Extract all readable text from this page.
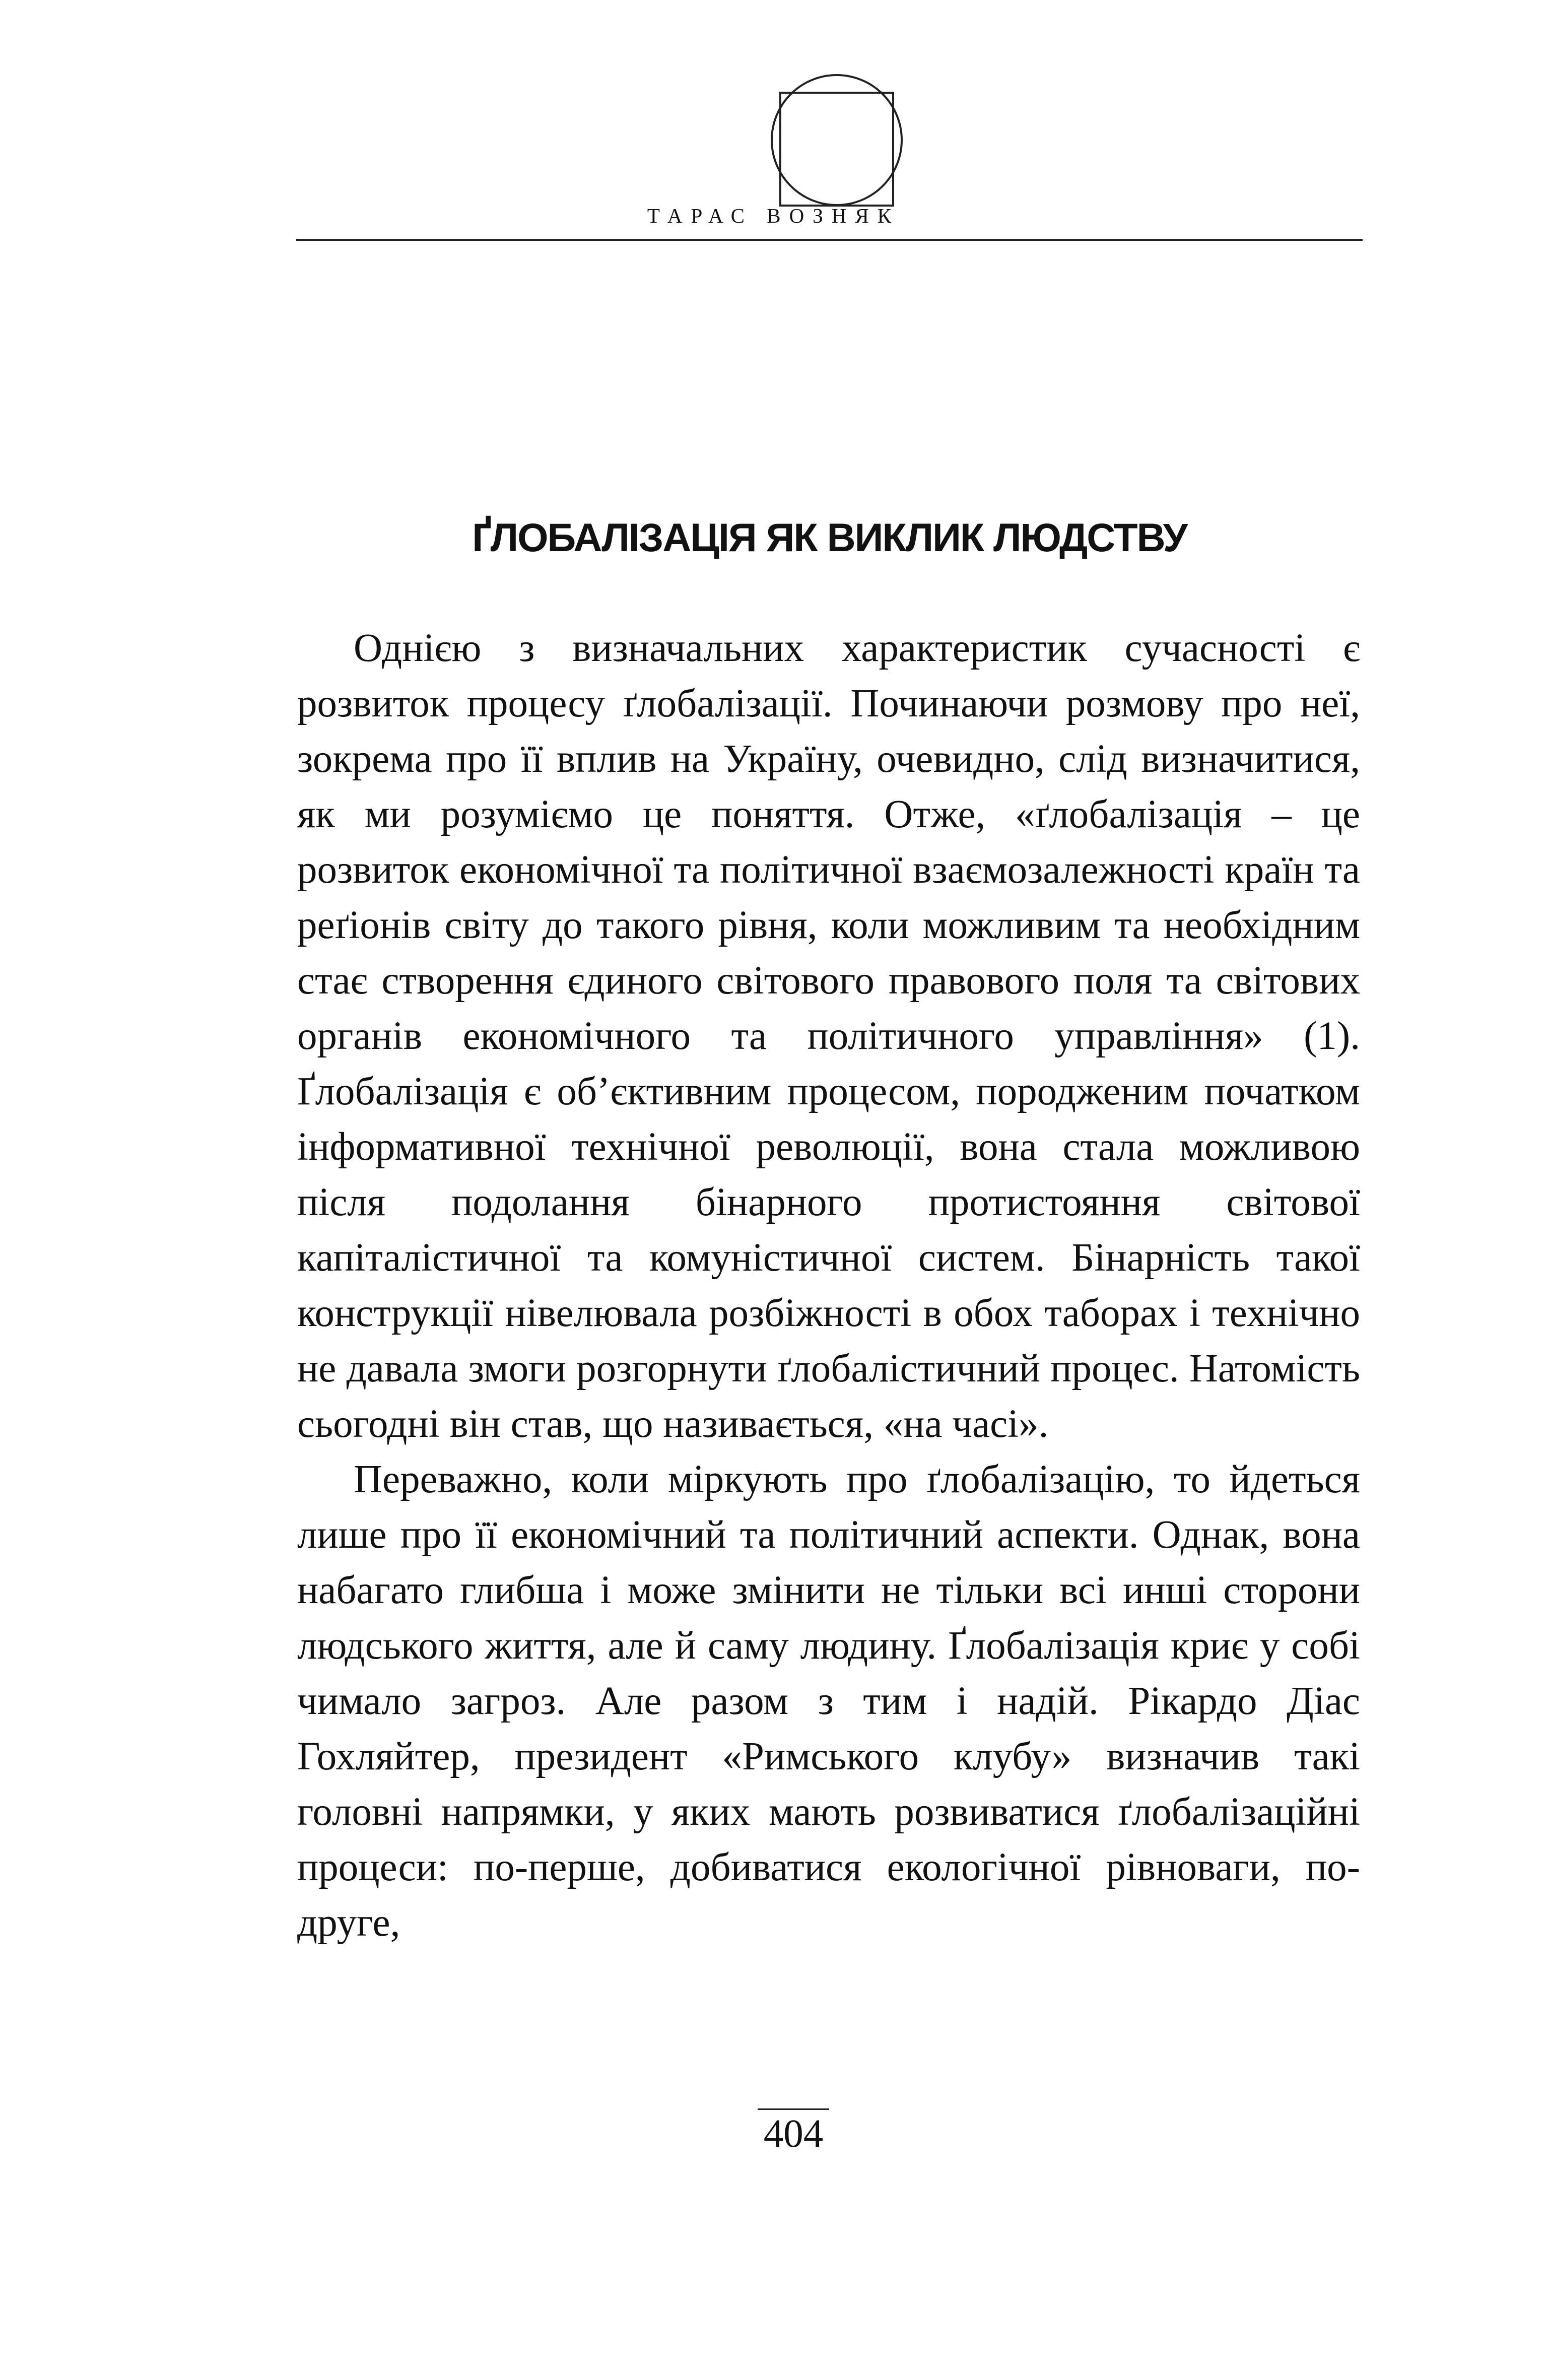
ТАРАС ВОЗНЯК
ҐЛОБАЛІЗАЦІЯ ЯК ВИКЛИК ЛЮДСТВУ

Однією з визначальних характеристик сучасності є розвиток процесу ґлобалізації. Починаючи розмову про неї, зокрема про її вплив на Україну, очевидно, слід визначитися, як ми розуміємо це поняття. Отже, «ґлобалізація – це розвиток економічної та політичної взаємозалежності країн та реґіонів світу до такого рівня, коли можливим та необхідним стає створення єдиного світового правового поля та світових органів економічного та політичного управління» (1). Ґлобалізація є об’єктивним процесом, породженим початком інформативної технічної революції, вона стала можливою після подолання бінарного протистояння світової капіталістичної та комуністичної систем. Бінарність такої конструкції нівелювала розбіжності в обох таборах і технічно не давала змоги розгорнути ґлобалістичний процес. Натомість сьогодні він став, що називається, «на часі».

Переважно, коли міркують про ґлобалізацію, то йдеться лише про її економічний та політичний аспекти. Однак, вона набагато глибша і може змінити не тільки всі инші сторони людського життя, але й саму людину. Ґлобалізація криє у собі чимало загроз. Але разом з тим і надій. Рікардо Діас Гохляйтер, президент «Римського клубу» визначив такі головні напрямки, у яких мають розвиватися ґлобалізаційні процеси: по-перше, добиватися екологічної рівноваги, по-друге,

404
